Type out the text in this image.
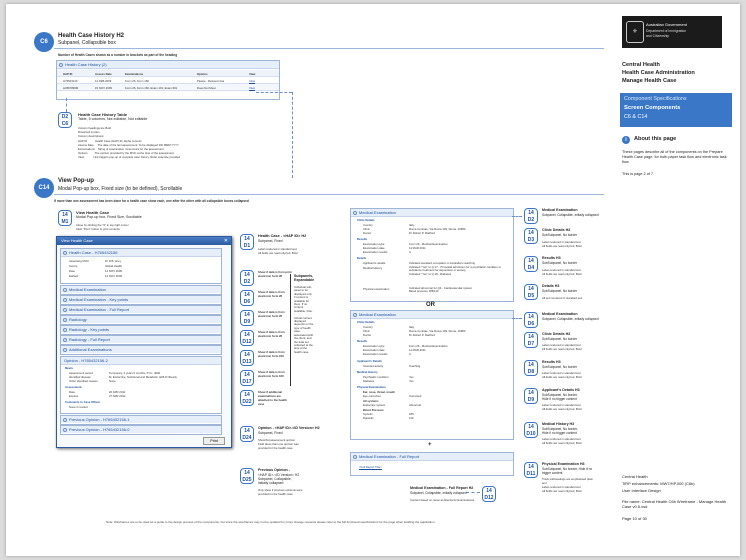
C6
Health Case History H2
Subpanel, Collapsible box
Number of Health Cases shown as a number in brackets as part of the heading
Health Case History (2)
HAP ID	Assess Date	Examinations	Options	View
H76543210	12 FEB 2009	Form 26, Form 160	Please - Refused visa	View
H4567890M	15 NOV 2009	Form 26, Form 160, Exam 101, Exam 601	Does Not Meet	View
D2
C6
Health Case History Table
Table, 5 columns, Not editable, Not editable
Column headings are Bold
Rows/cell is plain
Column descriptions:
HAP ID          Health Case (HAP) ID, Alpha numeric
Assess Date     The date of the last assessment. To be displayed DD MMM YYYY
Examinations    String of examination mnemonics for the assessment
Options         The opinion provided by the MOC at the time of the assessment
View            Link triggers pop-up of complete case history. Refer example provided.
C14
View Pop-up
Modal Pop-up box, Fixed size (to be defined), Scrollable
If more than one assessment has been done for a health case show each, one after the other with all collapsible boxes collapsed
14
M1
View Health Case
Modal Pop-up box, Fixed Size, Scrollable
Close by clicking the "X" in top right corner
Click "Print" button to print contents
View Health Case	✕
Health Case - H765432156
Assessing MOC	Dr R B. Grey
Centre	Global Health
Date	14 NOV 2009
Earliest	12 NOV 2009
Medical Examination
Medical Examination - Key points
Medical Examination - Full Report
Radiology
Radiology - Key points
Radiology - Full Report
Additional Examinations
Opinion - H765432156-2
Meets
Assessment period	Temporary, 4 years 6 months, P.I.C. 4000
Identified disease	M, Endocrine, Nutritional and Metabolic, E66.8 Obesity
Other identified causes	None
Assessment
Date	20 APR 2011
Expires	27 APR 2012
Comments to Case Officer
None is recited
Previous Opinion - H765432156-1
Previous Opinion - H765432156-0
Print
14
D1
Health Case - <HAP ID> H2
Subpanel, Fixed
Label rendered in standard text
All fields are read only/red, Bold
14
D2
Show if data is from print
electronic form 26
14
D6
Show if data is from
electronic form 26
14
D9
Show if data is from
electronic form 26
14
D12
Show if data is from
electronic form 26
14
D13
Show if data is from
electronic form 160
14
D17
Show if data is from
electronic form 160
14
D22
Show if additional
examinations are attached to the health case
14
D24
Opinion - <HAP ID>-<ID Version> H2
Subpanel, Fixed
Show/hid assessment opinion
Field faces than one opinion was
provided for the health case
14
D25
Previous Opinion -
<HAP ID>-<ID Version> H2
Subpanel, Collapsible,
initially collapsed
Only show if previous opinions were
provided for the health case.
Subpanels,
Expandable
Individual sub-
panel to be
displayed only
if content is
available for
them. If no
content
available, hide.

Actual content
displayed
depends on the
type of health
case
associated with
the client, and
the data set
collected at the
time of the
health case.
Medical Examination
Clinic Details
Country	Italy
Clinic	Roma Centrale, Via Roma 109, Roma, 10980
Doctor	Dr Robert P. Radford
Results
Examination type	Form 26 - Medical Examination
Examination date	11 MAR 2011
Examination results	A
Details
Applicant's details	Indicated standard occupation in Australia is teaching
Medical History	Indicated "Yes" to Q.17 - If hospital admission for a psychiatric condition or substance treatment for depression or anxiety
Indicated "Yes" to Q.18 - Diabetes
Physical examination	Indicated abnormal for Q4 - Cardiovascular system
Blood pressure 185/110
OR
Medical Examination
Clinic Details
Country	Italy
Clinic	Roma Centrale, Via Roma 109, Roma, 10980
Doctor	Dr Robert P. Radford
Results
Examination type	Form 26 - Medical Examination
Examination date	11 MAR 2011
Examination results	A
Applicant's Details
Intended activity	Teaching
Medical History
Psychiatric condition	Yes
Diabetes	Yes
Physical Examination
Ear, nose, throat, mouth
Eye correction	Corrected
All systems
Endocrine system	Abnormal
Blood Pressure
Systolic	185
Diastolic	110
+
Medical Examination - Full Report
<Full Report Title>
14
D2
Medical Examination
Subpanel, Collapsible, initially collapsed
14
D3
Clinic Details H3
SubSubpanel, No border
Label rendered in standard text
All fields are read only/red, Bold
14
D4
Results H3
SubSubpanel, No border
Label rendered in standard text
All fields are read only/red, Bold
14
D5
Details H3
SubSubpanel, No border
All text rendered in standard text
14
D6
Medical Examination
Subpanel, Collapsible, initially collapsed
14
D7
Clinic Details H3
SubSubpanel, No border
Label rendered in standard text
All fields are read only/red, Bold
14
D8
Results H3
SubSubpanel, No border
Label rendered in standard text
All fields are read only/red, Bold
14
D9
Applicant's Details H3
SubSubpanel, No border,
Hide if no trigger content
Label rendered in standard text
All fields are read only/red, Bold
14
D10
Medical History H3
SubSubpanel, No border,
Hide if no trigger content
Label rendered in standard text
All fields are read only/red, Bold
14
D11
Physical Examination H3
SubSubpanel, No border, Hide if no
trigger content
Track subheadings are emphasised plain
text
Label rendered in standard text
All fields are read only/red, Bold
14
D12
Medical Examination - Full Report H2
Subpanel, Collapsible, initially collapsed
Content based on name as Electronic Examinations
⚜
Australian Government
Department of Immigration
and Citizenship
Central Health
Health Case Administration
Manage Health Case
Component Specifications
Screen Components
C6 & C14
i	About this page
These pages describe all of the components on the Prepare Health Case page, for both paper task flow and electronic task flow
This is page 2 of 7
Central Health
TiRP enhancements: MW7/HP.000 (C6b)
User Interface Design
File name: Central Health C6b Wireframe - Manage Health Case v0.5.vsd
Page 10 of 30
Note: Wireframes are to be used as a guide to the design process of the components, but since the wireframes may not be updated for minor change requests please refer to the full functional specifications for the page when building the application.
